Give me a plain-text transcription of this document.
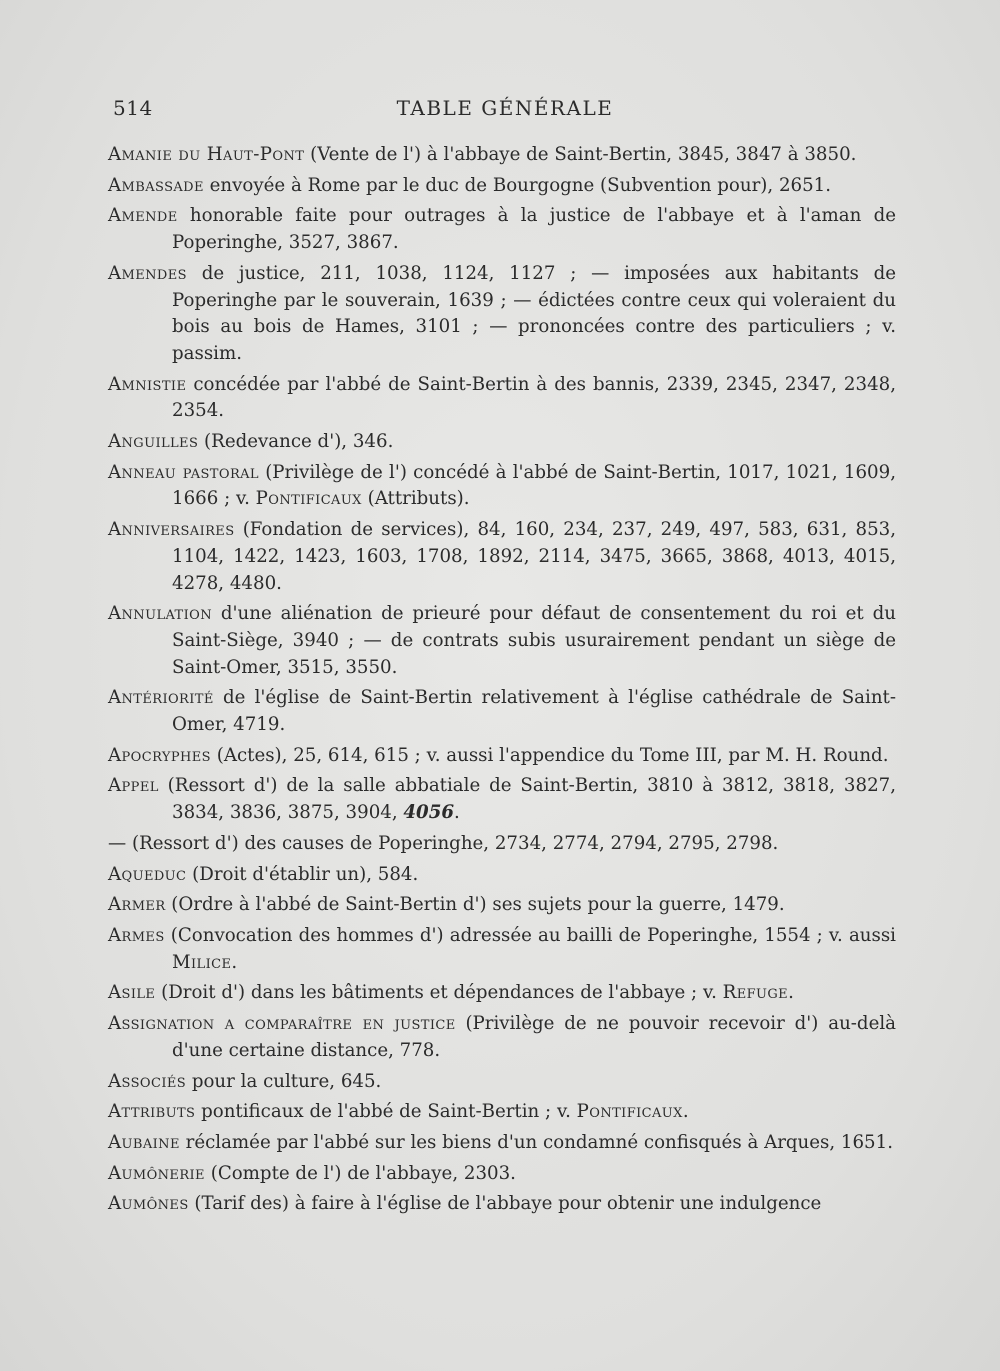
514	TABLE GÉNÉRALE

Amanie du Haut-Pont (Vente de l') à l'abbaye de Saint-Bertin, 3845, 3847 à 3850.

Ambassade envoyée à Rome par le duc de Bourgogne (Subvention pour), 2651.

Amende honorable faite pour outrages à la justice de l'abbaye et à l'aman de Poperinghe, 3527, 3867.

Amendes de justice, 211, 1038, 1124, 1127 ; — imposées aux habitants de Poperinghe par le souverain, 1639 ; — édictées contre ceux qui voleraient du bois au bois de Hames, 3101 ; — prononcées contre des particuliers ; v. passim.

Amnistie concédée par l'abbé de Saint-Bertin à des bannis, 2339, 2345, 2347, 2348, 2354.

Anguilles (Redevance d'), 346.

Anneau pastoral (Privilège de l') concédé à l'abbé de Saint-Bertin, 1017, 1021, 1609, 1666 ; v. Pontificaux (Attributs).

Anniversaires (Fondation de services), 84, 160, 234, 237, 249, 497, 583, 631, 853, 1104, 1422, 1423, 1603, 1708, 1892, 2114, 3475, 3665, 3868, 4013, 4015, 4278, 4480.

Annulation d'une aliénation de prieuré pour défaut de consentement du roi et du Saint-Siège, 3940 ; — de contrats subis usurairement pendant un siège de Saint-Omer, 3515, 3550.

Antériorité de l'église de Saint-Bertin relativement à l'église cathédrale de Saint-Omer, 4719.

Apocryphes (Actes), 25, 614, 615 ; v. aussi l'appendice du Tome III, par M. H. Round.

Appel (Ressort d') de la salle abbatiale de Saint-Bertin, 3810 à 3812, 3818, 3827, 3834, 3836, 3875, 3904, 4056.

— (Ressort d') des causes de Poperinghe, 2734, 2774, 2794, 2795, 2798.

Aqueduc (Droit d'établir un), 584.

Armer (Ordre à l'abbé de Saint-Bertin d') ses sujets pour la guerre, 1479.

Armes (Convocation des hommes d') adressée au bailli de Poperinghe, 1554 ; v. aussi Milice.

Asile (Droit d') dans les bâtiments et dépendances de l'abbaye ; v. Refuge.

Assignation a comparaître en justice (Privilège de ne pouvoir recevoir d') au-delà d'une certaine distance, 778.

Associés pour la culture, 645.

Attributs pontificaux de l'abbé de Saint-Bertin ; v. Pontificaux.

Aubaine réclamée par l'abbé sur les biens d'un condamné confisqués à Arques, 1651.

Aumônerie (Compte de l') de l'abbaye, 2303.

Aumônes (Tarif des) à faire à l'église de l'abbaye pour obtenir une indulgence
